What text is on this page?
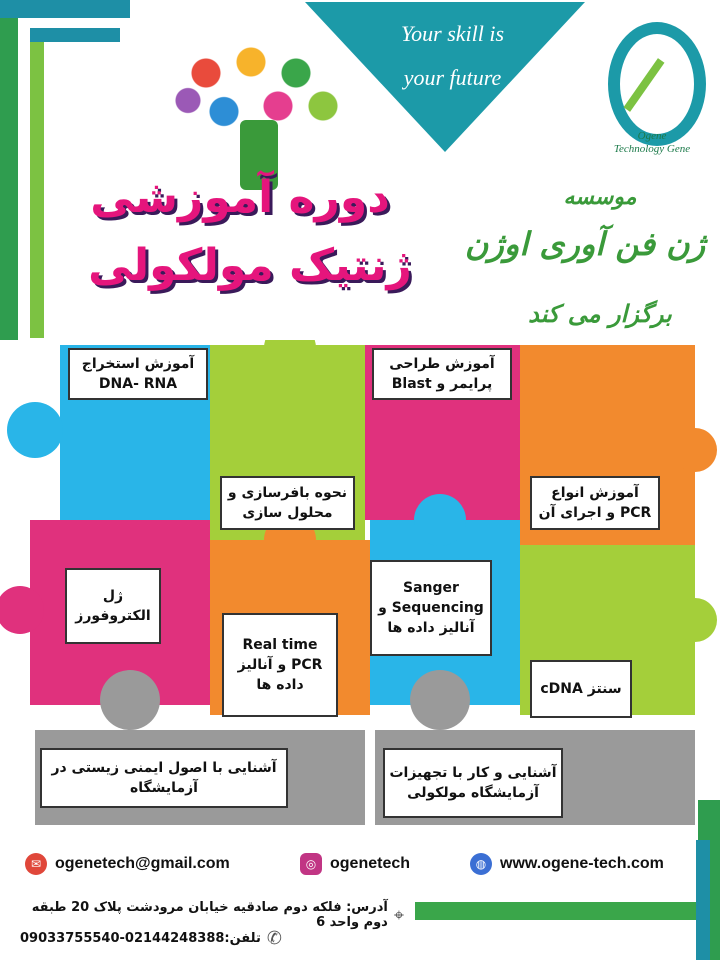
Your skill is
your future
Ogene
Technology Gene
دوره آموزشی
ژنتیک مولکولی
موسسه
ژن فن آوری اوژن
برگزار می کند
آموزش استخراج DNA- RNA
آموزش طراحی پرایمر و Blast
نحوه بافرسازی و محلول سازی
آموزش انواع PCR و اجرای آن
ژل الکتروفورز
Sanger Sequencing و آنالیز داده ها
Real time PCR و آنالیز داده ها	سنتز cDNA
آشنایی با اصول ایمنی زیستی در آزمایشگاه
آشنایی و کار با تجهیزات آزمایشگاه مولکولی
✉ ogenetech@gmail.com	◎ ogenetech	◍ www.ogene-tech.com
آدرس: فلکه دوم صادقیه خیابان مرودشت پلاک 20 طبقه دوم واحد 6 ⌖
تلفن:02144248388-09033755540 ✆
